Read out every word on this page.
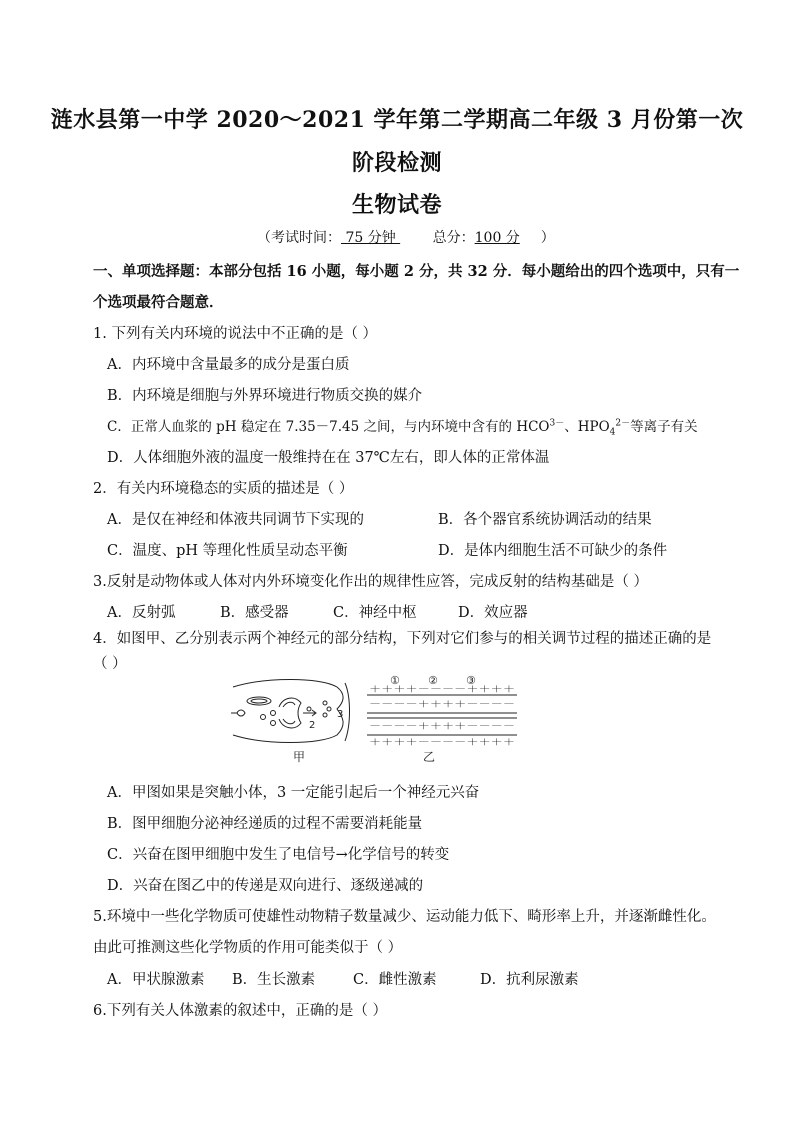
涟水县第一中学 2020～2021 学年第二学期高二年级 3 月份第一次
阶段检测
生物试卷
（考试时间： 75 分钟  总分：100 分 ）
一、单项选择题：本部分包括 16 小题，每小题 2 分，共 32 分．每小题给出的四个选项中，只有一
个选项最符合题意．
1. 下列有关内环境的说法中不正确的是（ ）
A．内环境中含量最多的成分是蛋白质
B．内环境是细胞与外界环境进行物质交换的媒介
C．正常人血浆的 pH 稳定在 7.35－7.45 之间，与内环境中含有的 $HCO^{3-}$、$HPO_4^{2-}$等离子有关
D．人体细胞外液的温度一般维持在在 37℃左右，即人体的正常体温
2．有关内环境稳态的实质的描述是（ ）
A．是仅在神经和体液共同调节下实现的	B．各个器官系统协调活动的结果
C．温度、pH 等理化性质呈动态平衡	D．是体内细胞生活不可缺少的条件
3.反射是动物体或人体对内外环境变化作出的规律性应答，完成反射的结构基础是（ ）
A．反射弧	B．感受器	C．神经中枢	D．效应器
4．如图甲、乙分别表示两个神经元的部分结构，下列对它们参与的相关调节过程的描述正确的是
（ ）
2
3
甲
①	②	③
＋＋＋＋－－－－＋＋＋＋
－－－－＋＋＋＋－－－－
－－－－＋＋＋＋－－－－
＋＋＋＋－－－－＋＋＋＋
乙
A．甲图如果是突触小体，3 一定能引起后一个神经元兴奋
B．图甲细胞分泌神经递质的过程不需要消耗能量
C．兴奋在图甲细胞中发生了电信号→化学信号的转变
D．兴奋在图乙中的传递是双向进行、逐级递减的
5.环境中一些化学物质可使雄性动物精子数量减少、运动能力低下、畸形率上升，并逐渐雌性化。
由此可推测这些化学物质的作用可能类似于（ ）
A．甲状腺激素 B．生长激素	C．雌性激素	D．抗利尿激素
6.下列有关人体激素的叙述中，正确的是（ ）
